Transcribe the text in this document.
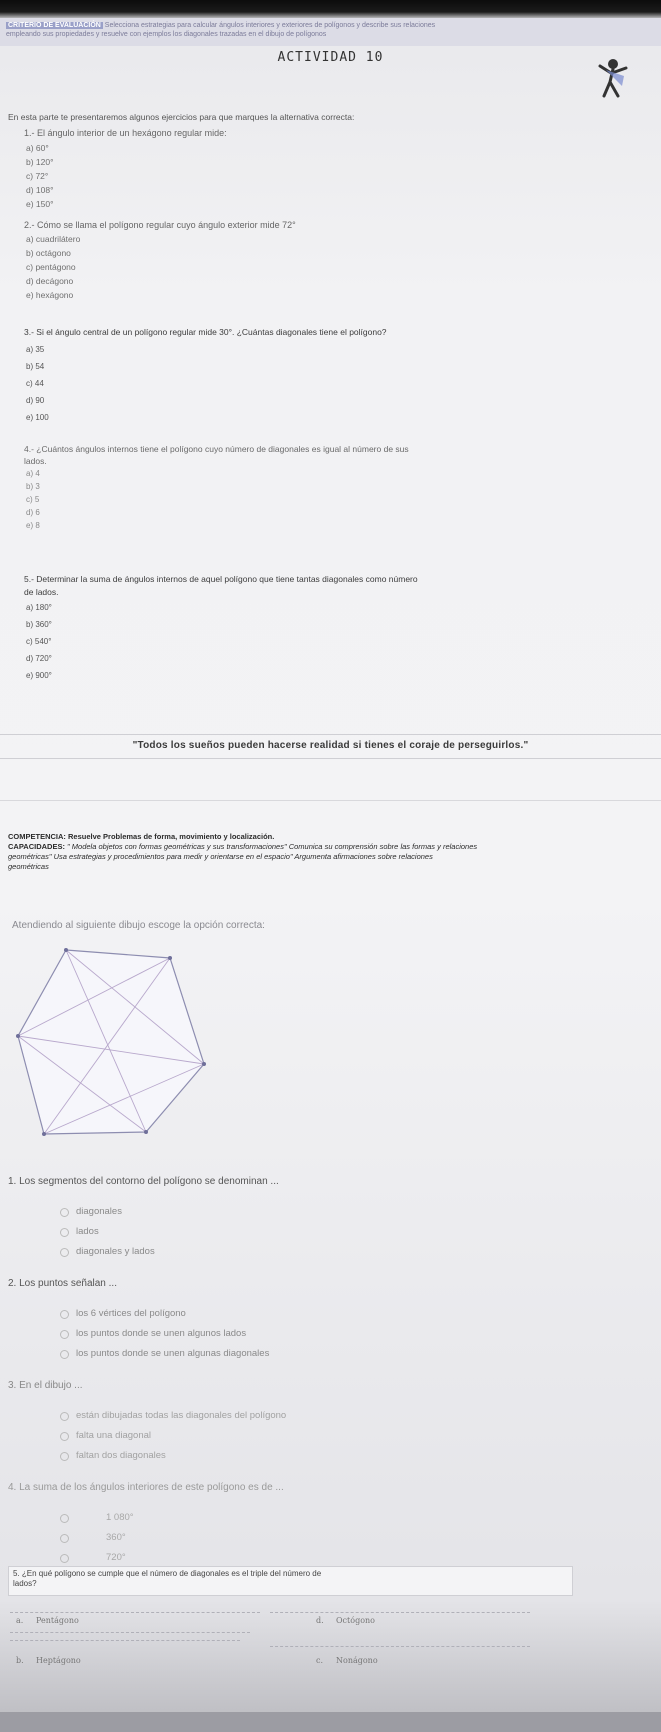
CRITERIO DE EVALUACIÓN Selecciona estrategias para calcular ángulos interiores y exteriores de polígonos y describe sus relaciones
empleando sus propiedades y resuelve con ejemplos los diagonales trazadas en el dibujo de polígonos
ACTIVIDAD 10
En esta parte te presentaremos algunos ejercicios para que marques la alternativa correcta:
1.- El ángulo interior de un hexágono regular mide:
a) 60°
b) 120°
c) 72°
d) 108°
e) 150°
2.- Cómo se llama el polígono regular cuyo ángulo exterior mide 72°
a) cuadrilátero
b) octágono
c) pentágono
d) decágono
e) hexágono
3.- Si el ángulo central de un polígono regular mide 30°. ¿Cuántas diagonales tiene el polígono?
a) 35
b) 54
c) 44
d) 90
e) 100
4.- ¿Cuántos ángulos internos tiene el polígono cuyo número de diagonales es igual al número de sus
lados.
a) 4
b) 3
c) 5
d) 6
e) 8
5.- Determinar la suma de ángulos internos de aquel polígono que tiene tantas diagonales como número
de lados.
a) 180°
b) 360°
c) 540°
d) 720°
e) 900°
"Todos los sueños pueden hacerse realidad si tienes el coraje de perseguirlos."
COMPETENCIA: Resuelve Problemas de forma, movimiento y localización.
CAPACIDADES: " Modela objetos con formas geométricas y sus transformaciones" Comunica su comprensión sobre las formas y relaciones
geométricas" Usa estrategias y procedimientos para medir y orientarse en el espacio" Argumenta afirmaciones sobre relaciones
geométricas
Atendiendo al siguiente dibujo escoge la opción correcta:
1. Los segmentos del contorno del polígono se denominan ...
diagonales
lados
diagonales y lados
2. Los puntos señalan ...
los 6 vértices del polígono
los puntos donde se unen algunos lados
los puntos donde se unen algunas diagonales
3. En el dibujo ...
están dibujadas todas las diagonales del polígono
falta una diagonal
faltan dos diagonales
4. La suma de los ángulos interiores de este polígono es de ...
1 080°
360°
720°
5. ¿En qué polígono se cumple que el número de diagonales es el triple del número de
lados?
a. Pentágono	d. Octógono
b. Heptágono	c. Nonágono
